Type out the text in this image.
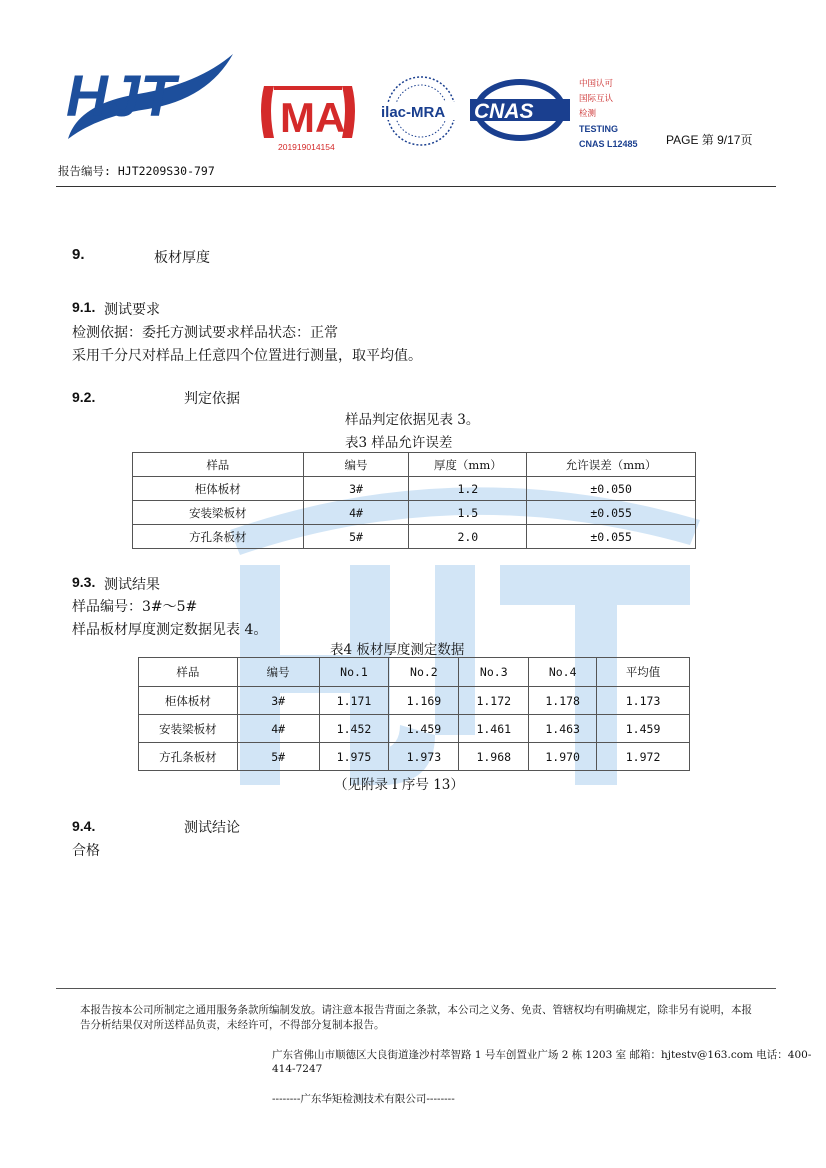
HJT MA
201919014154
ilac-MRA CNAS
中国认可
国际互认
检测
TESTING
CNAS L12485 PAGE 第 9/17页
报告编号: HJT2209S30-797
9.	板材厚度
9.1. 测试要求
检测依据：委托方测试要求样品状态：正常
采用千分尺对样品上任意四个位置进行测量，取平均值。
9.2.	判定依据
样品判定依据见表 3。
表3 样品允许误差
样品	编号	厚度（mm）	允许误差（mm）
柜体板材	3#	1.2	±0.050
安装梁板材	4#	1.5	±0.055
方孔条板材	5#	2.0	±0.055
9.3. 测试结果
样品编号：3#～5#
样品板材厚度测定数据见表 4。
表4 板材厚度测定数据
样品	编号	No.1	No.2	No.3	No.4	平均值
柜体板材	3#	1.171	1.169	1.172	1.178	1.173
安装梁板材	4#	1.452	1.459	1.461	1.463	1.459
方孔条板材	5#	1.975	1.973	1.968	1.970	1.972
（见附录 I 序号 13）
9.4.	测试结论
合格
本报告按本公司所制定之通用服务条款所编制发放。请注意本报告背面之条款，本公司之义务、免责、管辖权均有明确规定，除非另有说明，本报告分析结果仅对所送样品负责，未经许可，不得部分复制本报告。
广东省佛山市顺德区大良街道逢沙村萃智路 1 号车创置业广场 2 栋 1203 室 邮箱：hjtestv@163.com 电话：400-414-7247
--------广东华矩检测技术有限公司--------
